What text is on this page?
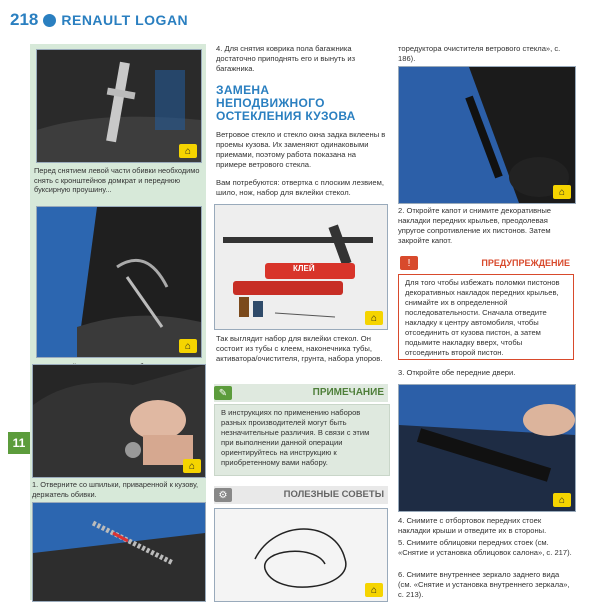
218 RENAULT LOGAN
11
⌂
Перед снятием левой части обивки необходимо снять с кронштейнов домкрат и переднюю буксирную проушину...
⌂
⌂
1. Отверните со шпильки, приваренной к кузову, держатель обивки.
4. Для снятия коврика пола багажника достаточно приподнять его и вынуть из багажника.
ЗАМЕНА НЕПОДВИЖНОГО ОСТЕКЛЕНИЯ КУЗОВА
Ветровое стекло и стекло окна задка вклеены в проемы кузова. Их заменяют одинаковыми приемами, поэтому работа показана на примере ветрового стекла.
Вам потребуются: отвертка с плоским лезвием, шило, нож, набор для вклейки стекол.
КЛЕЙ
⌂
Так выглядит набор для вклейки стекол. Он состоит из тубы с клеем, наконечника тубы, активатора/очистителя, грунта, набора упоров.
✎	ПРИМЕЧАНИЕ
В инструкциях по применению наборов разных производителей могут быть незначительные различия. В связи с этим при выполнении данной операции ориентируйтесь на инструкцию к приобретенному вами набору.
⚙	ПОЛЕЗНЫЕ СОВЕТЫ
⌂
торедуктора очистителя ветрового стекла», с. 186).
⌂
2. Откройте капот и снимите декоративные накладки передних крыльев, преодолевая упругое сопротивление их пистонов. Затем закройте капот.
!	ПРЕДУПРЕЖДЕНИЕ
Для того чтобы избежать поломки пистонов декоративных накладок передних крыльев, снимайте их в определенной последовательности. Сначала отведите накладку к центру автомобиля, чтобы отсоединить от кузова пистон, а затем подымите накладку вверх, чтобы отсоединить второй пистон.
3. Откройте обе передние двери.
⌂
4. Снимите с отбортовок передних стоек накладки крыши и отведите их в стороны.
5. Снимите облицовки передних стоек (см. «Снятие и установка облицовок салона», с. 217).
6. Снимите внутреннее зеркало заднего вида (см. «Снятие и установка внутреннего зеркала», с. 213).
